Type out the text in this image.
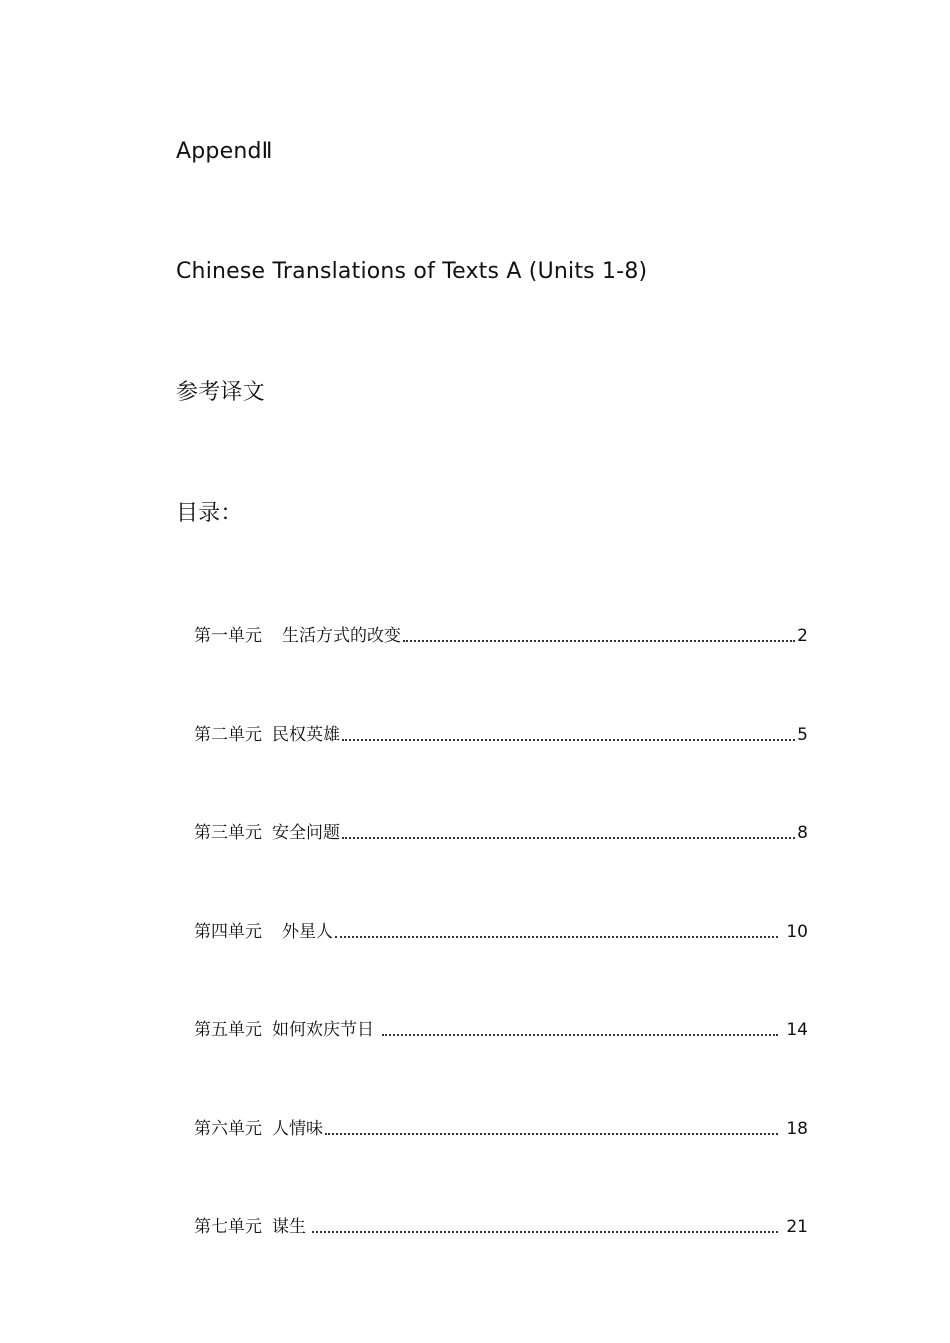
AppendⅡ
Chinese Translations of Texts A (Units 1-8)
参考译文
目录：
第一单元 生活方式的改变	2
第二单元 民权英雄	5
第三单元 安全问题	8
第四单元 外星人	10
第五单元 如何欢庆节日	14
第六单元 人情味	18
第七单元 谋生	21
